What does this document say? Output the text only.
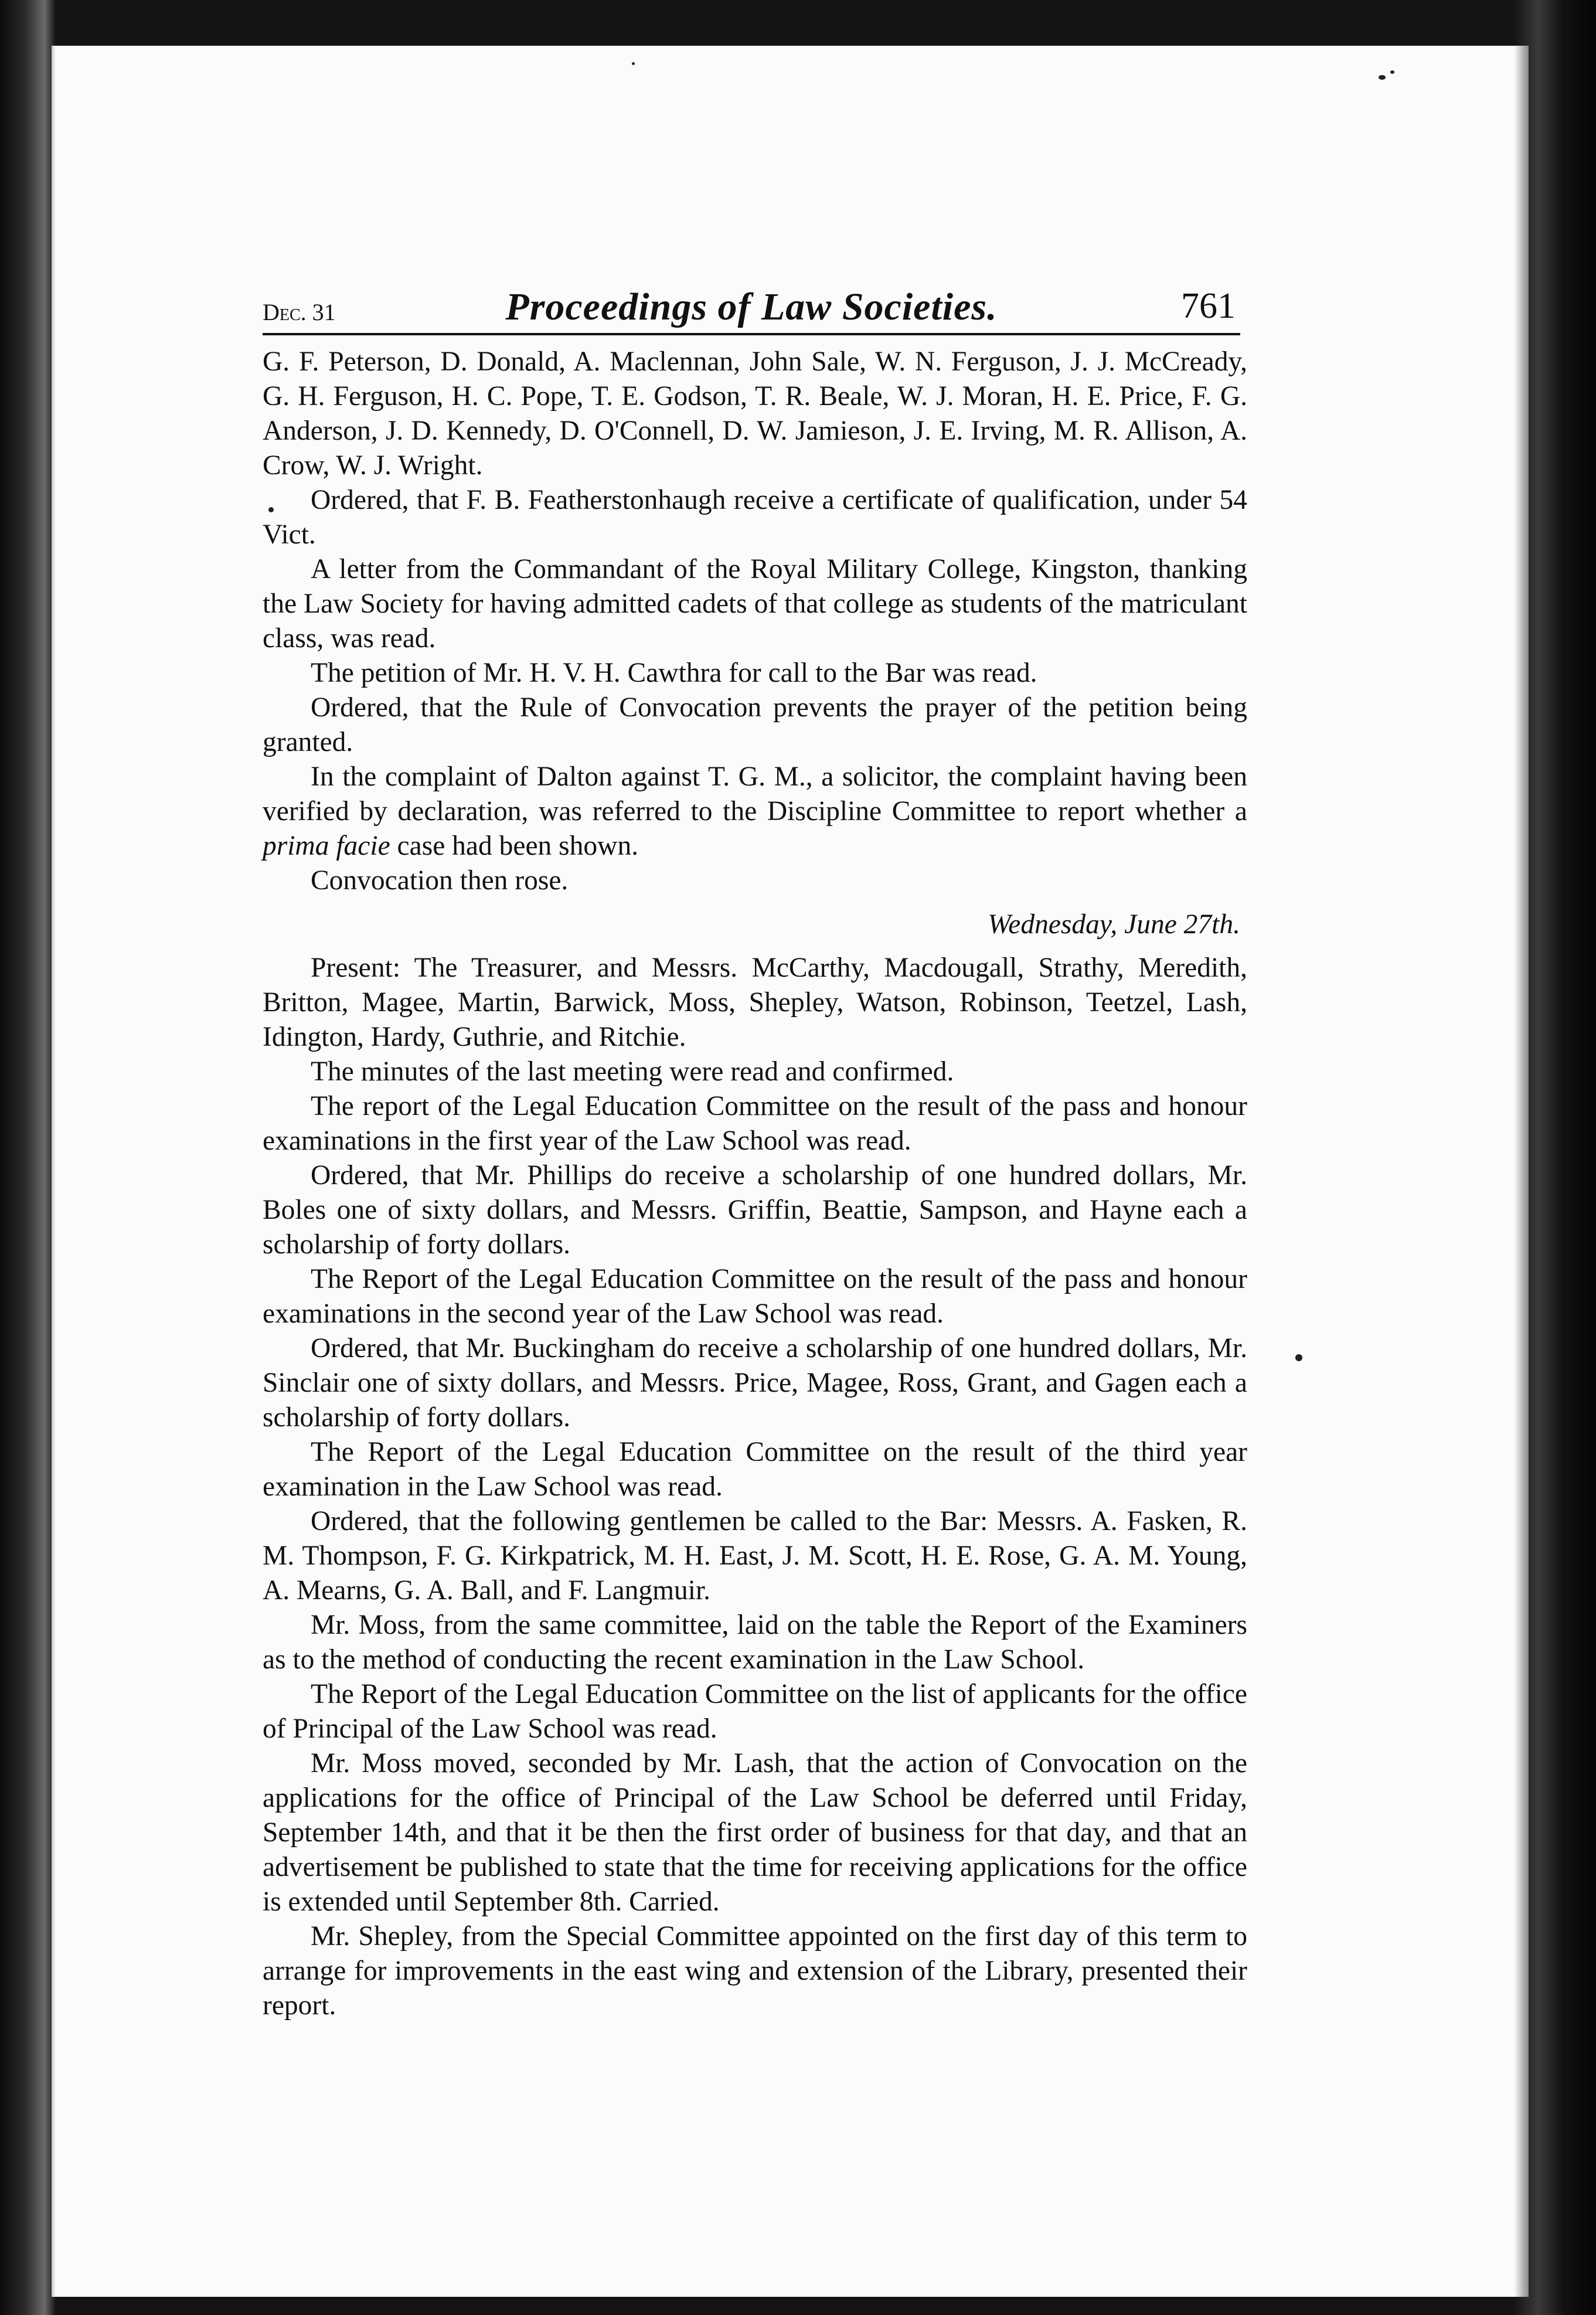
Dec. 31	Proceedings of Law Societies.	761

G. F. Peterson, D. Donald, A. Maclennan, John Sale, W. N. Ferguson, J. J. McCready, G. H. Ferguson, H. C. Pope, T. E. Godson, T. R. Beale, W. J. Moran, H. E. Price, F. G. Anderson, J. D. Kennedy, D. O'Connell, D. W. Jamieson, J. E. Irving, M. R. Allison, A. Crow, W. J. Wright.

Ordered, that F. B. Featherstonhaugh receive a certificate of qualification, under 54 Vict.

A letter from the Commandant of the Royal Military College, Kingston, thanking the Law Society for having admitted cadets of that college as students of the matriculant class, was read.

The petition of Mr. H. V. H. Cawthra for call to the Bar was read.

Ordered, that the Rule of Convocation prevents the prayer of the petition being granted.

In the complaint of Dalton against T. G. M., a solicitor, the complaint having been verified by declaration, was referred to the Discipline Committee to report whether a prima facie case had been shown.

Convocation then rose.

Wednesday, June 27th.

Present: The Treasurer, and Messrs. McCarthy, Macdougall, Strathy, Meredith, Britton, Magee, Martin, Barwick, Moss, Shepley, Watson, Robinson, Teetzel, Lash, Idington, Hardy, Guthrie, and Ritchie.

The minutes of the last meeting were read and confirmed.

The report of the Legal Education Committee on the result of the pass and honour examinations in the first year of the Law School was read.

Ordered, that Mr. Phillips do receive a scholarship of one hundred dollars, Mr. Boles one of sixty dollars, and Messrs. Griffin, Beattie, Sampson, and Hayne each a scholarship of forty dollars.

The Report of the Legal Education Committee on the result of the pass and honour examinations in the second year of the Law School was read.

Ordered, that Mr. Buckingham do receive a scholarship of one hundred dollars, Mr. Sinclair one of sixty dollars, and Messrs. Price, Magee, Ross, Grant, and Gagen each a scholarship of forty dollars.

The Report of the Legal Education Committee on the result of the third year examination in the Law School was read.

Ordered, that the following gentlemen be called to the Bar: Messrs. A. Fasken, R. M. Thompson, F. G. Kirkpatrick, M. H. East, J. M. Scott, H. E. Rose, G. A. M. Young, A. Mearns, G. A. Ball, and F. Langmuir.

Mr. Moss, from the same committee, laid on the table the Report of the Examiners as to the method of conducting the recent examination in the Law School.

The Report of the Legal Education Committee on the list of applicants for the office of Principal of the Law School was read.

Mr. Moss moved, seconded by Mr. Lash, that the action of Convocation on the applications for the office of Principal of the Law School be deferred until Friday, September 14th, and that it be then the first order of business for that day, and that an advertisement be published to state that the time for receiving applications for the office is extended until September 8th. Carried.

Mr. Shepley, from the Special Committee appointed on the first day of this term to arrange for improvements in the east wing and extension of the Library, presented their report.
